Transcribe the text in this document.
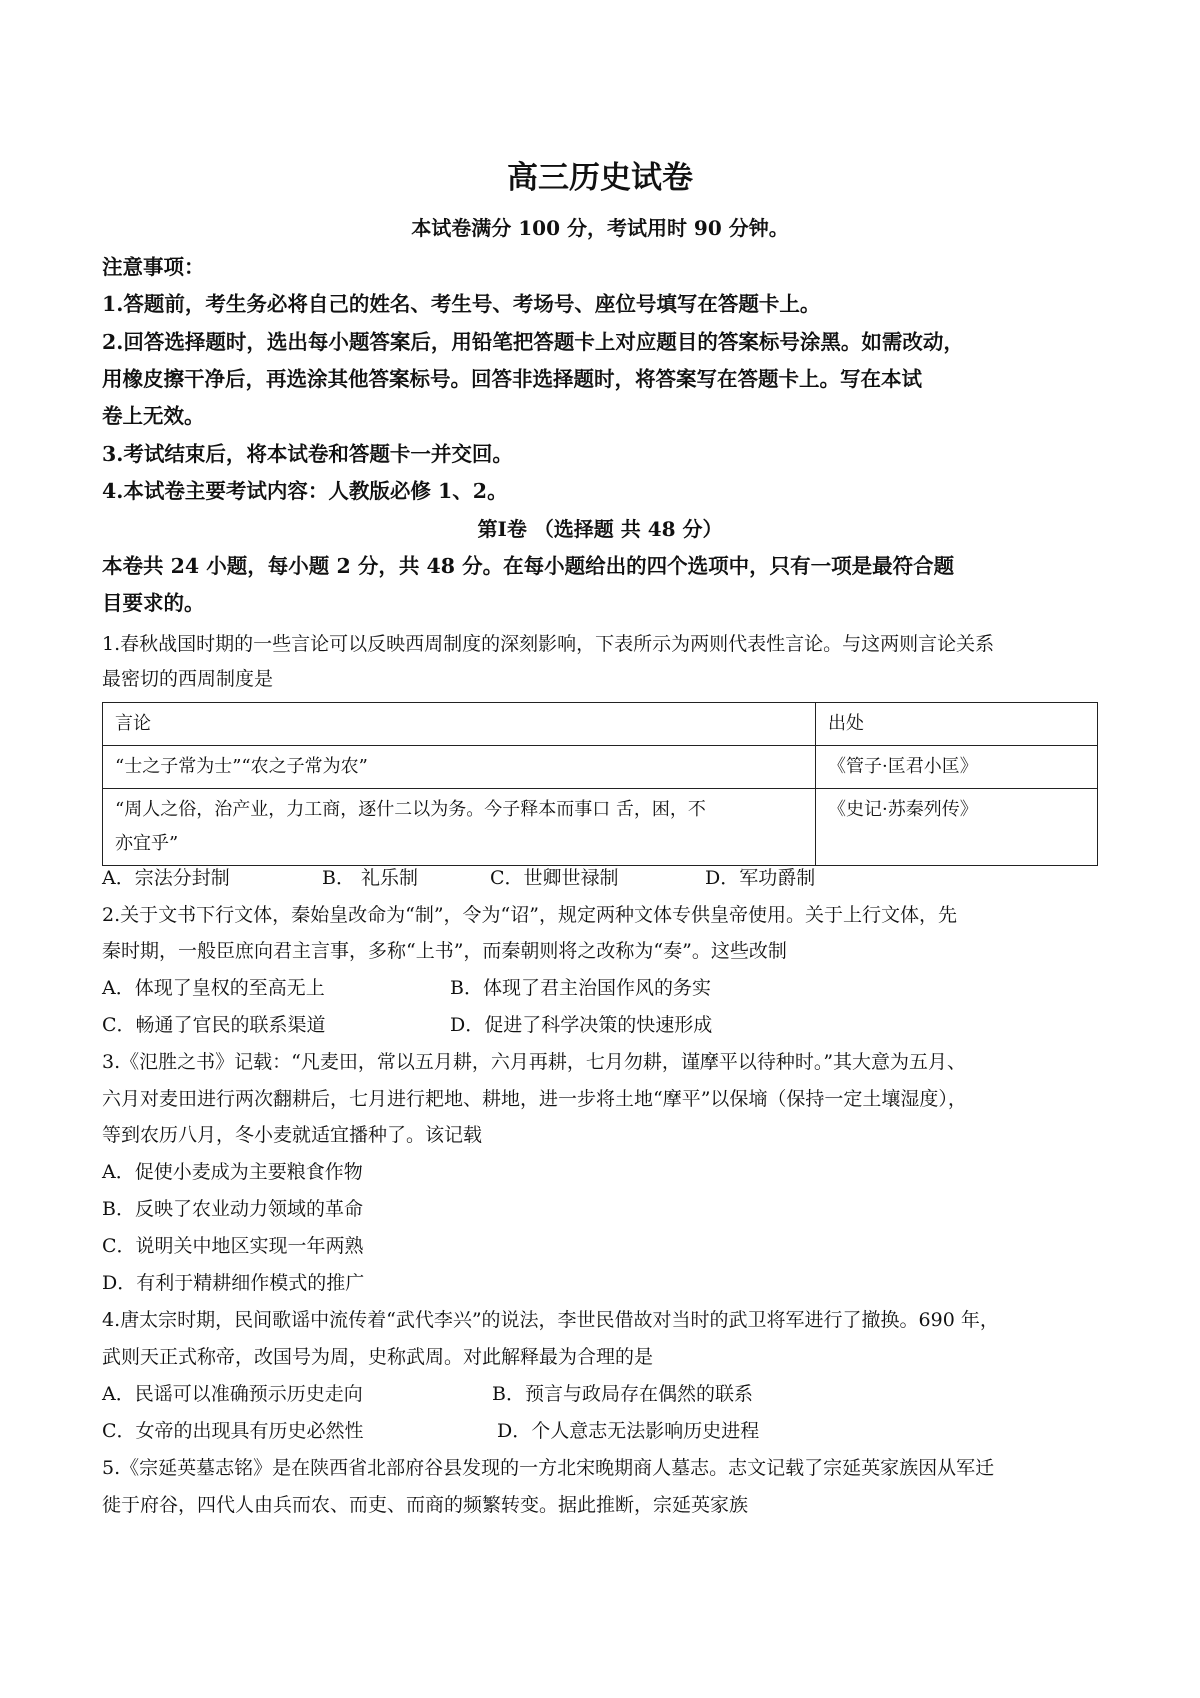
高三历史试卷
本试卷满分 100 分，考试用时 90 分钟。
注意事项：
1.答题前，考生务必将自己的姓名、考生号、考场号、座位号填写在答题卡上。
2.回答选择题时，选出每小题答案后，用铅笔把答题卡上对应题目的答案标号涂黑。如需改动，
用橡皮擦干净后，再选涂其他答案标号。回答非选择题时，将答案写在答题卡上。写在本试
卷上无效。
3.考试结束后，将本试卷和答题卡一并交回。
4.本试卷主要考试内容：人教版必修 1、2。
第Ⅰ卷 （选择题 共 48 分）
本卷共 24 小题，每小题 2 分，共 48 分。在每小题给出的四个选项中，只有一项是最符合题
目要求的。
1.春秋战国时期的一些言论可以反映西周制度的深刻影响，下表所示为两则代表性言论。与这两则言论关系
最密切的西周制度是
言论	出处
“士之子常为士”“农之子常为农”	《管子·匡君小匡》

“周人之俗，治产业，力工商，逐什二以为务。今子释本而事口 舌，困，不
亦宜乎”	《史记·苏秦列传》
A．宗法分封制	B． 礼乐制	C．世卿世禄制	D．军功爵制
2.关于文书下行文体，秦始皇改命为“制”，令为“诏”，规定两种文体专供皇帝使用。关于上行文体，先
秦时期，一般臣庶向君主言事，多称“上书”，而秦朝则将之改称为“奏”。这些改制
A．体现了皇权的至高无上	B．体现了君主治国作风的务实
C．畅通了官民的联系渠道	D．促进了科学决策的快速形成
3.《氾胜之书》记载：“凡麦田，常以五月耕，六月再耕，七月勿耕，谨摩平以待种时。”其大意为五月、
六月对麦田进行两次翻耕后，七月进行耙地、耕地，进一步将土地“摩平”以保墒（保持一定土壤湿度），
等到农历八月，冬小麦就适宜播种了。该记载
A．促使小麦成为主要粮食作物
B．反映了农业动力领域的革命
C．说明关中地区实现一年两熟
D．有利于精耕细作模式的推广
4.唐太宗时期，民间歌谣中流传着“武代李兴”的说法，李世民借故对当时的武卫将军进行了撤换。690 年，
武则天正式称帝，改国号为周，史称武周。对此解释最为合理的是
A．民谣可以准确预示历史走向	B．预言与政局存在偶然的联系
C．女帝的出现具有历史必然性	D．个人意志无法影响历史进程
5.《宗延英墓志铭》是在陕西省北部府谷县发现的一方北宋晚期商人墓志。志文记载了宗延英家族因从军迁
徙于府谷，四代人由兵而农、而吏、而商的频繁转变。据此推断，宗延英家族
